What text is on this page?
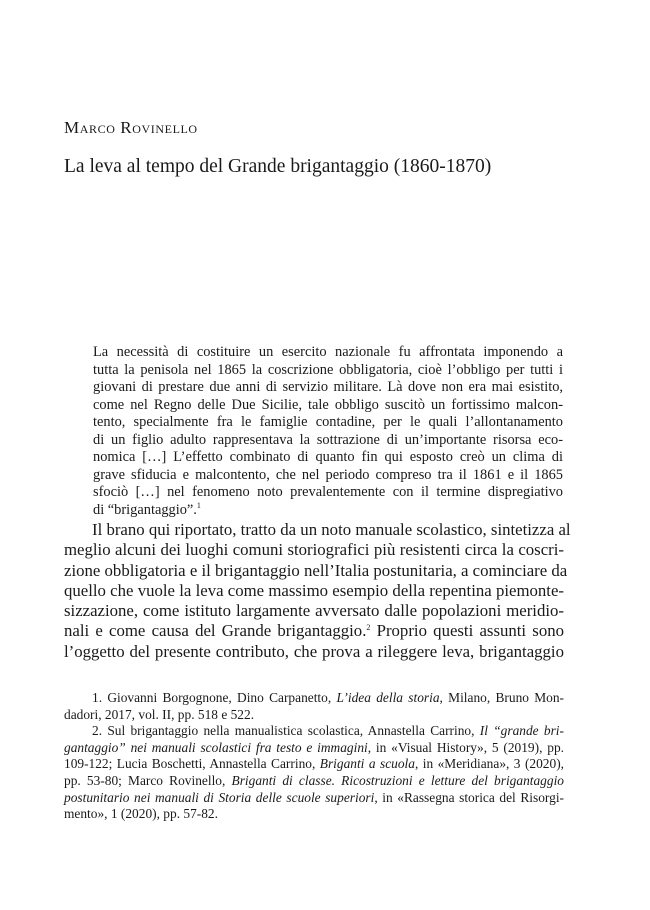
Marco Rovinello
La leva al tempo del Grande brigantaggio (1860-1870)
La necessità di costituire un esercito nazionale fu affrontata imponendo a
tutta la penisola nel 1865 la coscrizione obbligatoria, cioè l’obbligo per tutti i
giovani di prestare due anni di servizio militare. Là dove non era mai esistito,
come nel Regno delle Due Sicilie, tale obbligo suscitò un fortissimo malcon-
tento, specialmente fra le famiglie contadine, per le quali l’allontanamento
di un figlio adulto rappresentava la sottrazione di un’importante risorsa eco-
nomica […] L’effetto combinato di quanto fin qui esposto creò un clima di
grave sfiducia e malcontento, che nel periodo compreso tra il 1861 e il 1865
sfociò […] nel fenomeno noto prevalentemente con il termine dispregiativo
di “brigantaggio”.$^1$
Il brano qui riportato, tratto da un noto manuale scolastico, sintetizza al
meglio alcuni dei luoghi comuni storiografici più resistenti circa la coscri-
zione obbligatoria e il brigantaggio nell’Italia postunitaria, a cominciare da
quello che vuole la leva come massimo esempio della repentina piemonte-
sizzazione, come istituto largamente avversato dalle popolazioni meridio-
nali e come causa del Grande brigantaggio.$^2$ Proprio questi assunti sono
l’oggetto del presente contributo, che prova a rileggere leva, brigantaggio
1. Giovanni Borgognone, Dino Carpanetto, L’idea della storia, Milano, Bruno Mon-
dadori, 2017, vol. II, pp. 518 e 522.
2. Sul brigantaggio nella manualistica scolastica, Annastella Carrino, Il “grande bri-
gantaggio” nei manuali scolastici fra testo e immagini, in «Visual History», 5 (2019), pp.
109-122; Lucia Boschetti, Annastella Carrino, Briganti a scuola, in «Meridiana», 3 (2020),
pp. 53-80; Marco Rovinello, Briganti di classe. Ricostruzioni e letture del brigantaggio
postunitario nei manuali di Storia delle scuole superiori, in «Rassegna storica del Risorgi-
mento», 1 (2020), pp. 57-82.
